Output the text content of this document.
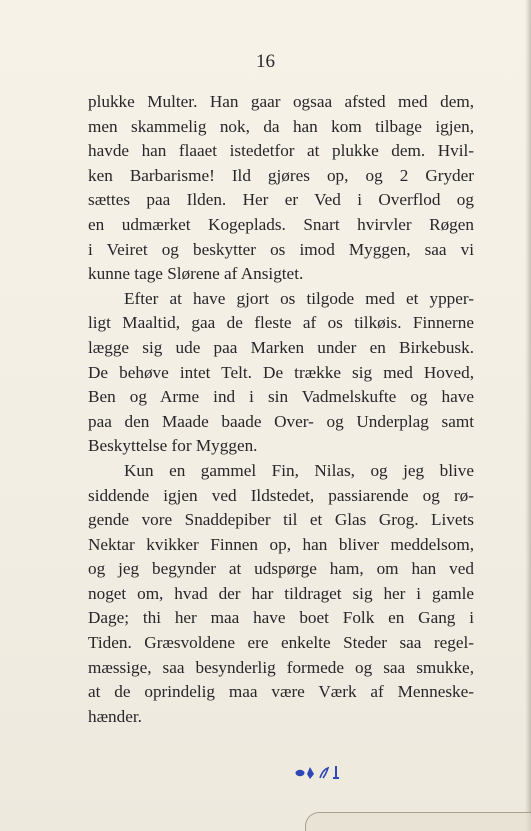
16

plukke Multer. Han gaar ogsaa afsted med dem,
men skammelig nok, da han kom tilbage igjen,
havde han flaaet istedetfor at plukke dem. Hvil-
ken Barbarisme! Ild gjøres op, og 2 Gryder
sættes paa Ilden. Her er Ved i Overflod og
en udmærket Kogeplads. Snart hvirvler Røgen
i Veiret og beskytter os imod Myggen, saa vi
kunne tage Slørene af Ansigtet.

Efter at have gjort os tilgode med et ypper-
ligt Maaltid, gaa de fleste af os tilkøis. Finnerne
lægge sig ude paa Marken under en Birkebusk.
De behøve intet Telt. De trække sig med Hoved,
Ben og Arme ind i sin Vadmelskufte og have
paa den Maade baade Over- og Underplag samt
Beskyttelse for Myggen.

Kun en gammel Fin, Nilas, og jeg blive
siddende igjen ved Ildstedet, passiarende og rø-
gende vore Snaddepiber til et Glas Grog. Livets
Nektar kvikker Finnen op, han bliver meddelsom,
og jeg begynder at udspørge ham, om han ved
noget om, hvad der har tildraget sig her i gamle
Dage; thi her maa have boet Folk en Gang i
Tiden. Græsvoldene ere enkelte Steder saa regel-
mæssige, saa besynderlig formede og saa smukke,
at de oprindelig maa være Værk af Menneske-
hænder.
